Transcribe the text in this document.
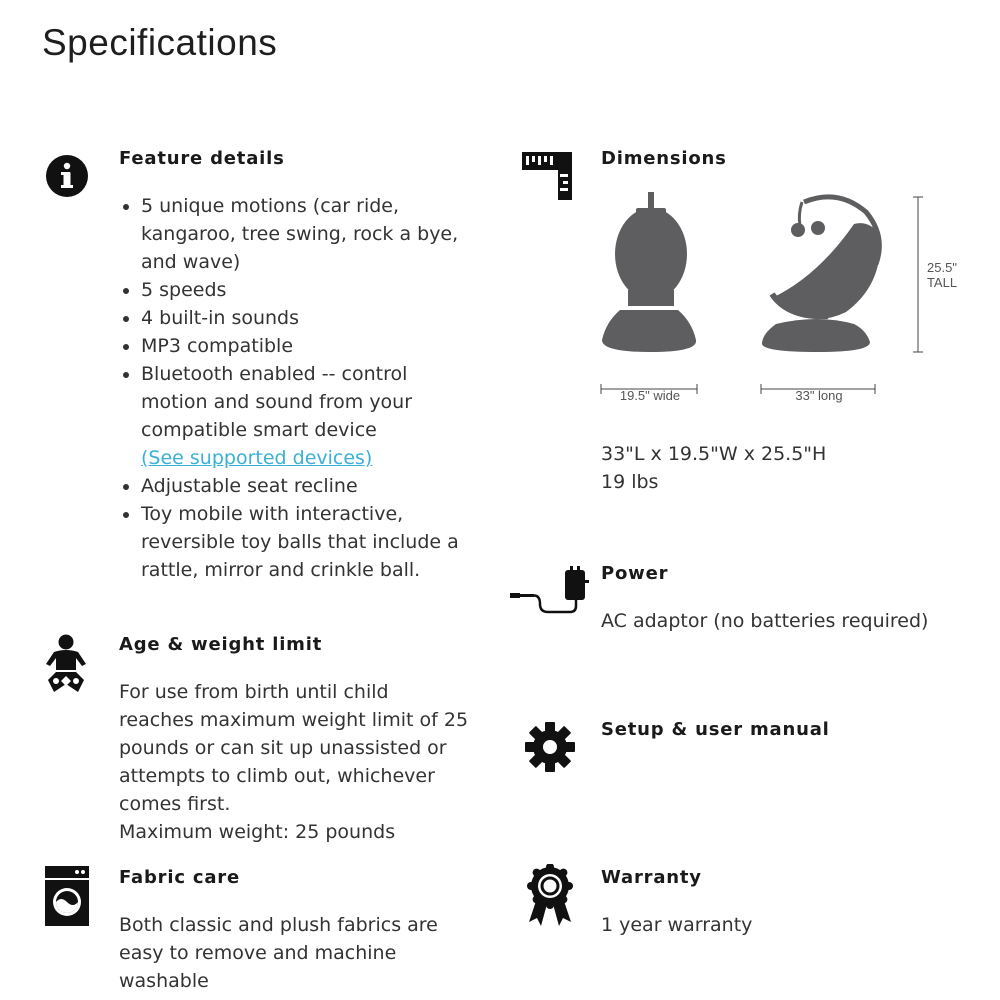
Specifications
Feature details
• 5 unique motions (car ride, kangaroo, tree swing, rock a bye, and wave)
• 5 speeds
• 4 built-in sounds
• MP3 compatible
• Bluetooth enabled -- control motion and sound from your compatible smart device
(See supported devices)
• Adjustable seat recline
• Toy mobile with interactive, reversible toy balls that include a rattle, mirror and crinkle ball.
Age & weight limit
For use from birth until child reaches maximum weight limit of 25 pounds or can sit up unassisted or attempts to climb out, whichever comes first.
Maximum weight: 25 pounds
Fabric care
Both classic and plush fabrics are easy to remove and machine washable
Dimensions
19.5" wide	33" long
25.5"
TALL
33"L x 19.5"W x 25.5"H
19 lbs
Power
AC adaptor (no batteries required)
Setup & user manual
Warranty
1 year warranty
